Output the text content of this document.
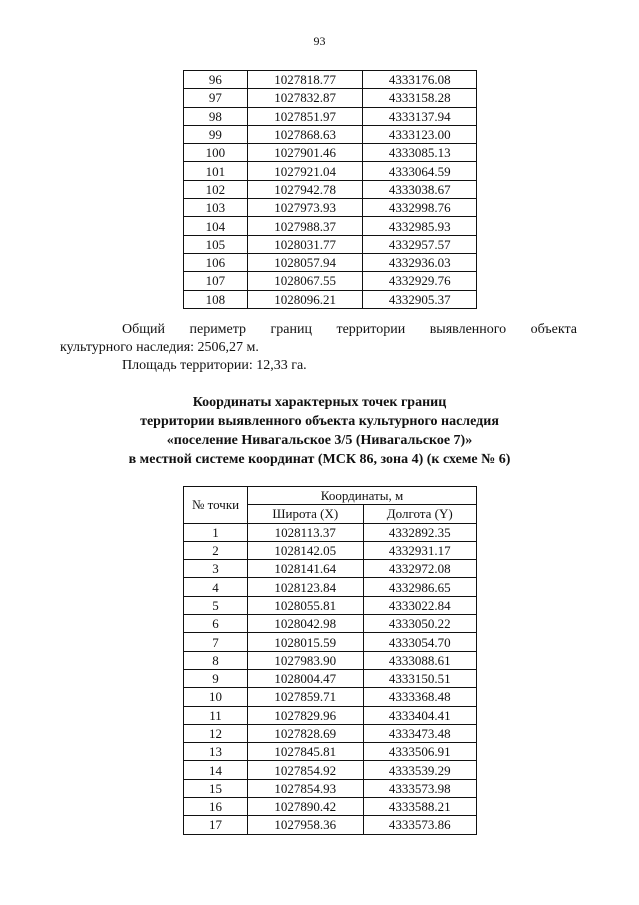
93
96	1027818.77	4333176.08
97	1027832.87	4333158.28
98	1027851.97	4333137.94
99	1027868.63	4333123.00
100	1027901.46	4333085.13
101	1027921.04	4333064.59
102	1027942.78	4333038.67
103	1027973.93	4332998.76
104	1027988.37	4332985.93
105	1028031.77	4332957.57
106	1028057.94	4332936.03
107	1028067.55	4332929.76
108	1028096.21	4332905.37
Общий периметр границ территории выявленного объекта
культурного наследия: 2506,27 м.
Площадь территории: 12,33 га.
Координаты характерных точек границ
территории выявленного объекта культурного наследия
«поселение Нивагальское 3/5 (Нивагальское 7)»
в местной системе координат (МСК 86, зона 4) (к схеме № 6)
№ точки	Координаты, м	
	Широта (X)	Долгота (Y)
1	1028113.37	4332892.35
2	1028142.05	4332931.17
3	1028141.64	4332972.08
4	1028123.84	4332986.65
5	1028055.81	4333022.84
6	1028042.98	4333050.22
7	1028015.59	4333054.70
8	1027983.90	4333088.61
9	1028004.47	4333150.51
10	1027859.71	4333368.48
11	1027829.96	4333404.41
12	1027828.69	4333473.48
13	1027845.81	4333506.91
14	1027854.92	4333539.29
15	1027854.93	4333573.98
16	1027890.42	4333588.21
17	1027958.36	4333573.86
